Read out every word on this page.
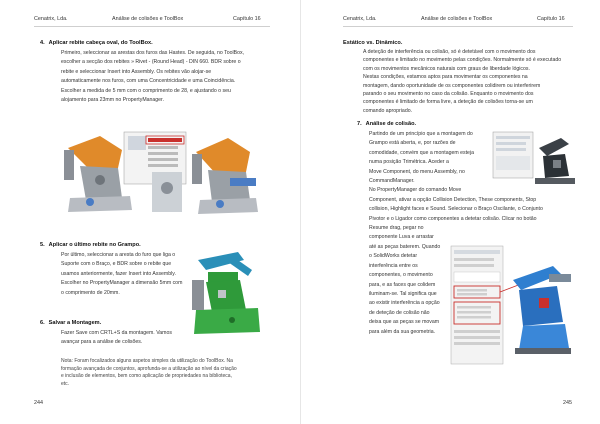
Cenatrix, Lda.	Análise de colisões e ToolBox	Capítulo 16
4. Aplicar rebite cabeça oval, do ToolBox.
Primeiro, seleccionar as arestas dos furos das Hastes. De seguida, no ToolBox,
escolher a secção dos rebites » Rivet - (Round Head) - DIN 660. BDR sobre o
rebite e seleccionar Insert into Assembly. Os rebites vão alojar-se
automaticamente nos furos, com uma Concentricidade e uma Coincidência.
Escolher a medida de 5 mm com o comprimento de 28, e ajustando o seu
alojamento para 23mm no PropertyManager.
5. Aplicar o último rebite no Grampo.
Por último, seleccionar a aresta do furo que liga o
Suporte com o Braço, e BDR sobre o rebite que
usamos anteriormente, fazer Insert into Assembly.
Escolher no PropertyManager a dimensão 5mm com
o comprimento de 20mm.
6. Salvar a Montagem.
Fazer Save com CRTL+S da montagem. Vamos
avançar para a análise de colisões.
Nota: Foram focalizados alguns aspetos simples da utilização do ToolBox. Na
formação avançada de conjuntos, aprofunda-se a utilização ao nível da criação
e inclusão de elementos, bem como aplicação de propriedades na biblioteca,
etc.
244
Cenatrix, Lda.	Análise de colisões e ToolBox	Capítulo 16
Estático vs. Dinâmico.
A deteção de interferência ou colisão, só é detetável com o movimento dos
componentes e limitado no movimento pelas condições. Normalmente só é executado
com os movimentos mecânicos naturais com graus de liberdade lógicos.
Nestas condições, estamos aptos para movimentar os componentes na
montagem, dando oportunidade de os componentes colidirem ou interferirem
parando o seu movimento no caso da colisão. Enquanto o movimento dos
componentes é limitado de forma livre, a deteção de colisões torna-se um
comando apropriado.
7. Análise de colisão.
Partindo de um princípio que a montagem do
Grampo está aberta, e, por razões de
comodidade, convém que a montagem esteja
numa posição Trimétrica. Aceder a
Move Component, do menu Assembly, no
CommandManager.
No PropertyManager do comando Move
Component, ativar a opção Collision Detection, These components, Stop
collision, Highlight faces e Sound. Selecionar o Braço Oscilante, o Conjunto
Pivotor e o Ligador como componentes a detetar colisão. Clicar no botão
Resume drag, pegar no
componente Luva e arrastar
até as peças baterem. Quando
o SolidWorks detetar
interferência entre os
componentes, o movimento
para, e as faces que colidem
iluminam-se. Tal significa que
ao existir interferência a opção
de deteção de colisão não
deixa que as peças se movam
para além da sua geometria.
245
